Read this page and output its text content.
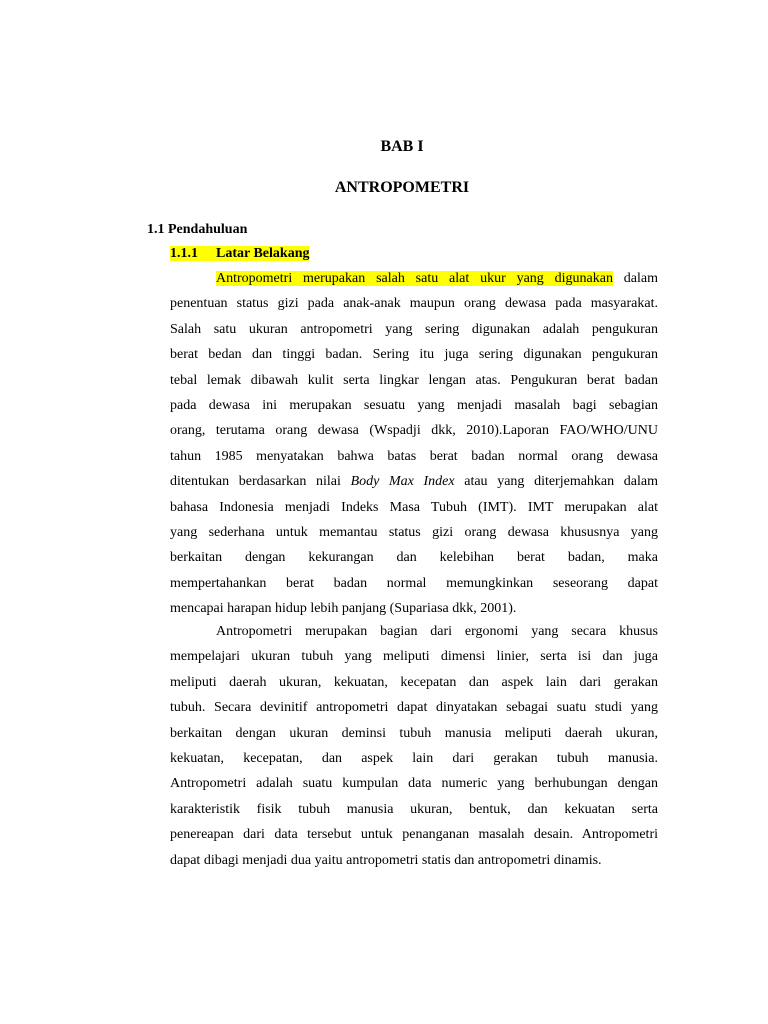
BAB I
ANTROPOMETRI
1.1 Pendahuluan
1.1.1 Latar Belakang
Antropometri merupakan salah satu alat ukur yang digunakan dalam
penentuan status gizi pada anak-anak maupun orang dewasa pada masyarakat.
Salah satu ukuran antropometri yang sering digunakan adalah pengukuran
berat bedan dan tinggi badan. Sering itu juga sering digunakan pengukuran
tebal lemak dibawah kulit serta lingkar lengan atas. Pengukuran berat badan
pada dewasa ini merupakan sesuatu yang menjadi masalah bagi sebagian
orang, terutama orang dewasa (Wspadji dkk, 2010).Laporan FAO/WHO/UNU
tahun 1985 menyatakan bahwa batas berat badan normal orang dewasa
ditentukan berdasarkan nilai Body Max Index atau yang diterjemahkan dalam
bahasa Indonesia menjadi Indeks Masa Tubuh (IMT). IMT merupakan alat
yang sederhana untuk memantau status gizi orang dewasa khususnya yang
berkaitan dengan kekurangan dan kelebihan berat badan, maka
mempertahankan berat badan normal memungkinkan seseorang dapat
mencapai harapan hidup lebih panjang (Supariasa dkk, 2001).
Antropometri merupakan bagian dari ergonomi yang secara khusus
mempelajari ukuran tubuh yang meliputi dimensi linier, serta isi dan juga
meliputi daerah ukuran, kekuatan, kecepatan dan aspek lain dari gerakan
tubuh. Secara devinitif antropometri dapat dinyatakan sebagai suatu studi yang
berkaitan dengan ukuran deminsi tubuh manusia meliputi daerah ukuran,
kekuatan, kecepatan, dan aspek lain dari gerakan tubuh manusia.
Antropometri adalah suatu kumpulan data numeric yang berhubungan dengan
karakteristik fisik tubuh manusia ukuran, bentuk, dan kekuatan serta
penereapan dari data tersebut untuk penanganan masalah desain. Antropometri
dapat dibagi menjadi dua yaitu antropometri statis dan antropometri dinamis.
